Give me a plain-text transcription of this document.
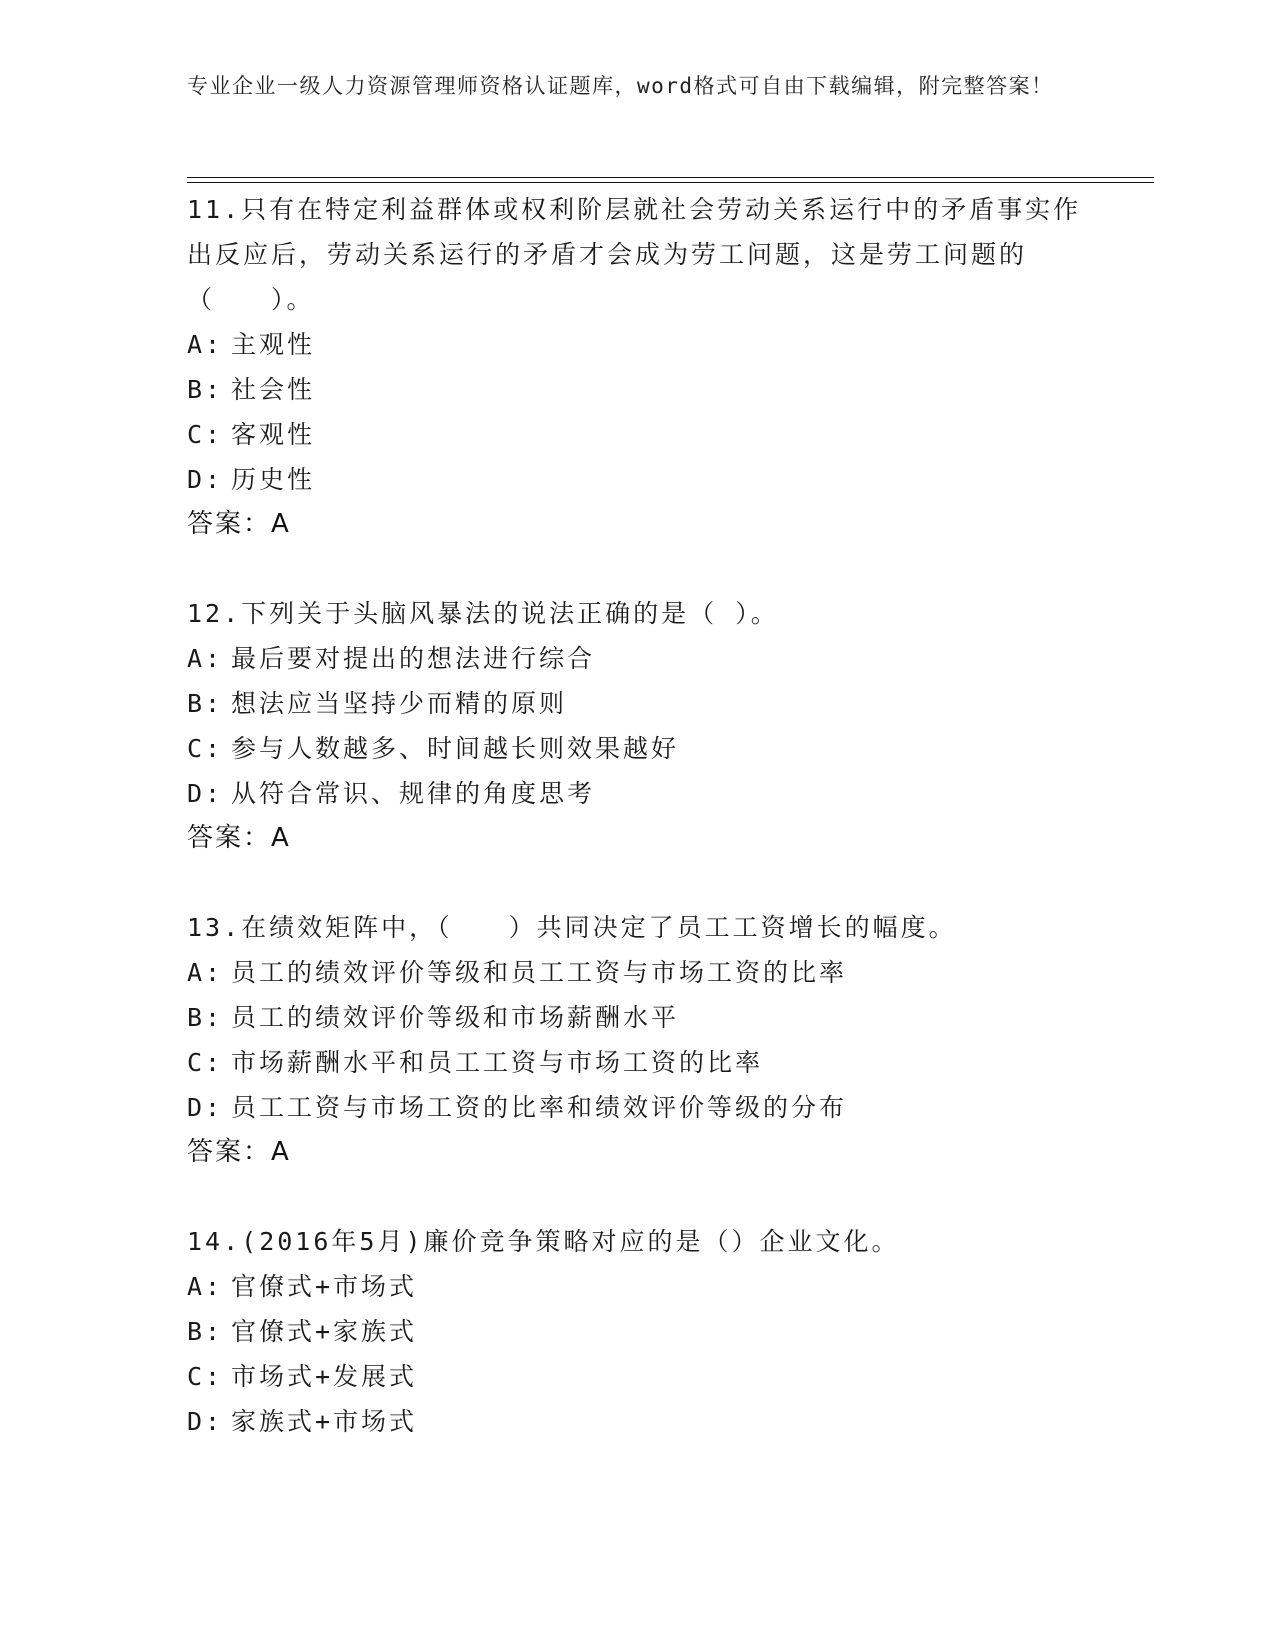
专业企业一级人力资源管理师资格认证题库，word格式可自由下载编辑，附完整答案！
11.只有在特定利益群体或权利阶层就社会劳动关系运行中的矛盾事实作出反应后，劳动关系运行的矛盾才会成为劳工问题，这是劳工问题的（　　）。
A: 主观性
B: 社会性
C: 客观性
D: 历史性
答案：A
12.下列关于头脑风暴法的说法正确的是（ ）。
A: 最后要对提出的想法进行综合
B: 想法应当坚持少而精的原则
C: 参与人数越多、时间越长则效果越好
D: 从符合常识、规律的角度思考
答案：A
13.在绩效矩阵中，（　　）共同决定了员工工资增长的幅度。
A: 员工的绩效评价等级和员工工资与市场工资的比率
B: 员工的绩效评价等级和市场薪酬水平
C: 市场薪酬水平和员工工资与市场工资的比率
D: 员工工资与市场工资的比率和绩效评价等级的分布
答案：A
14.(2016年5月)廉价竞争策略对应的是（）企业文化。
A: 官僚式+市场式
B: 官僚式+家族式
C: 市场式+发展式
D: 家族式+市场式
